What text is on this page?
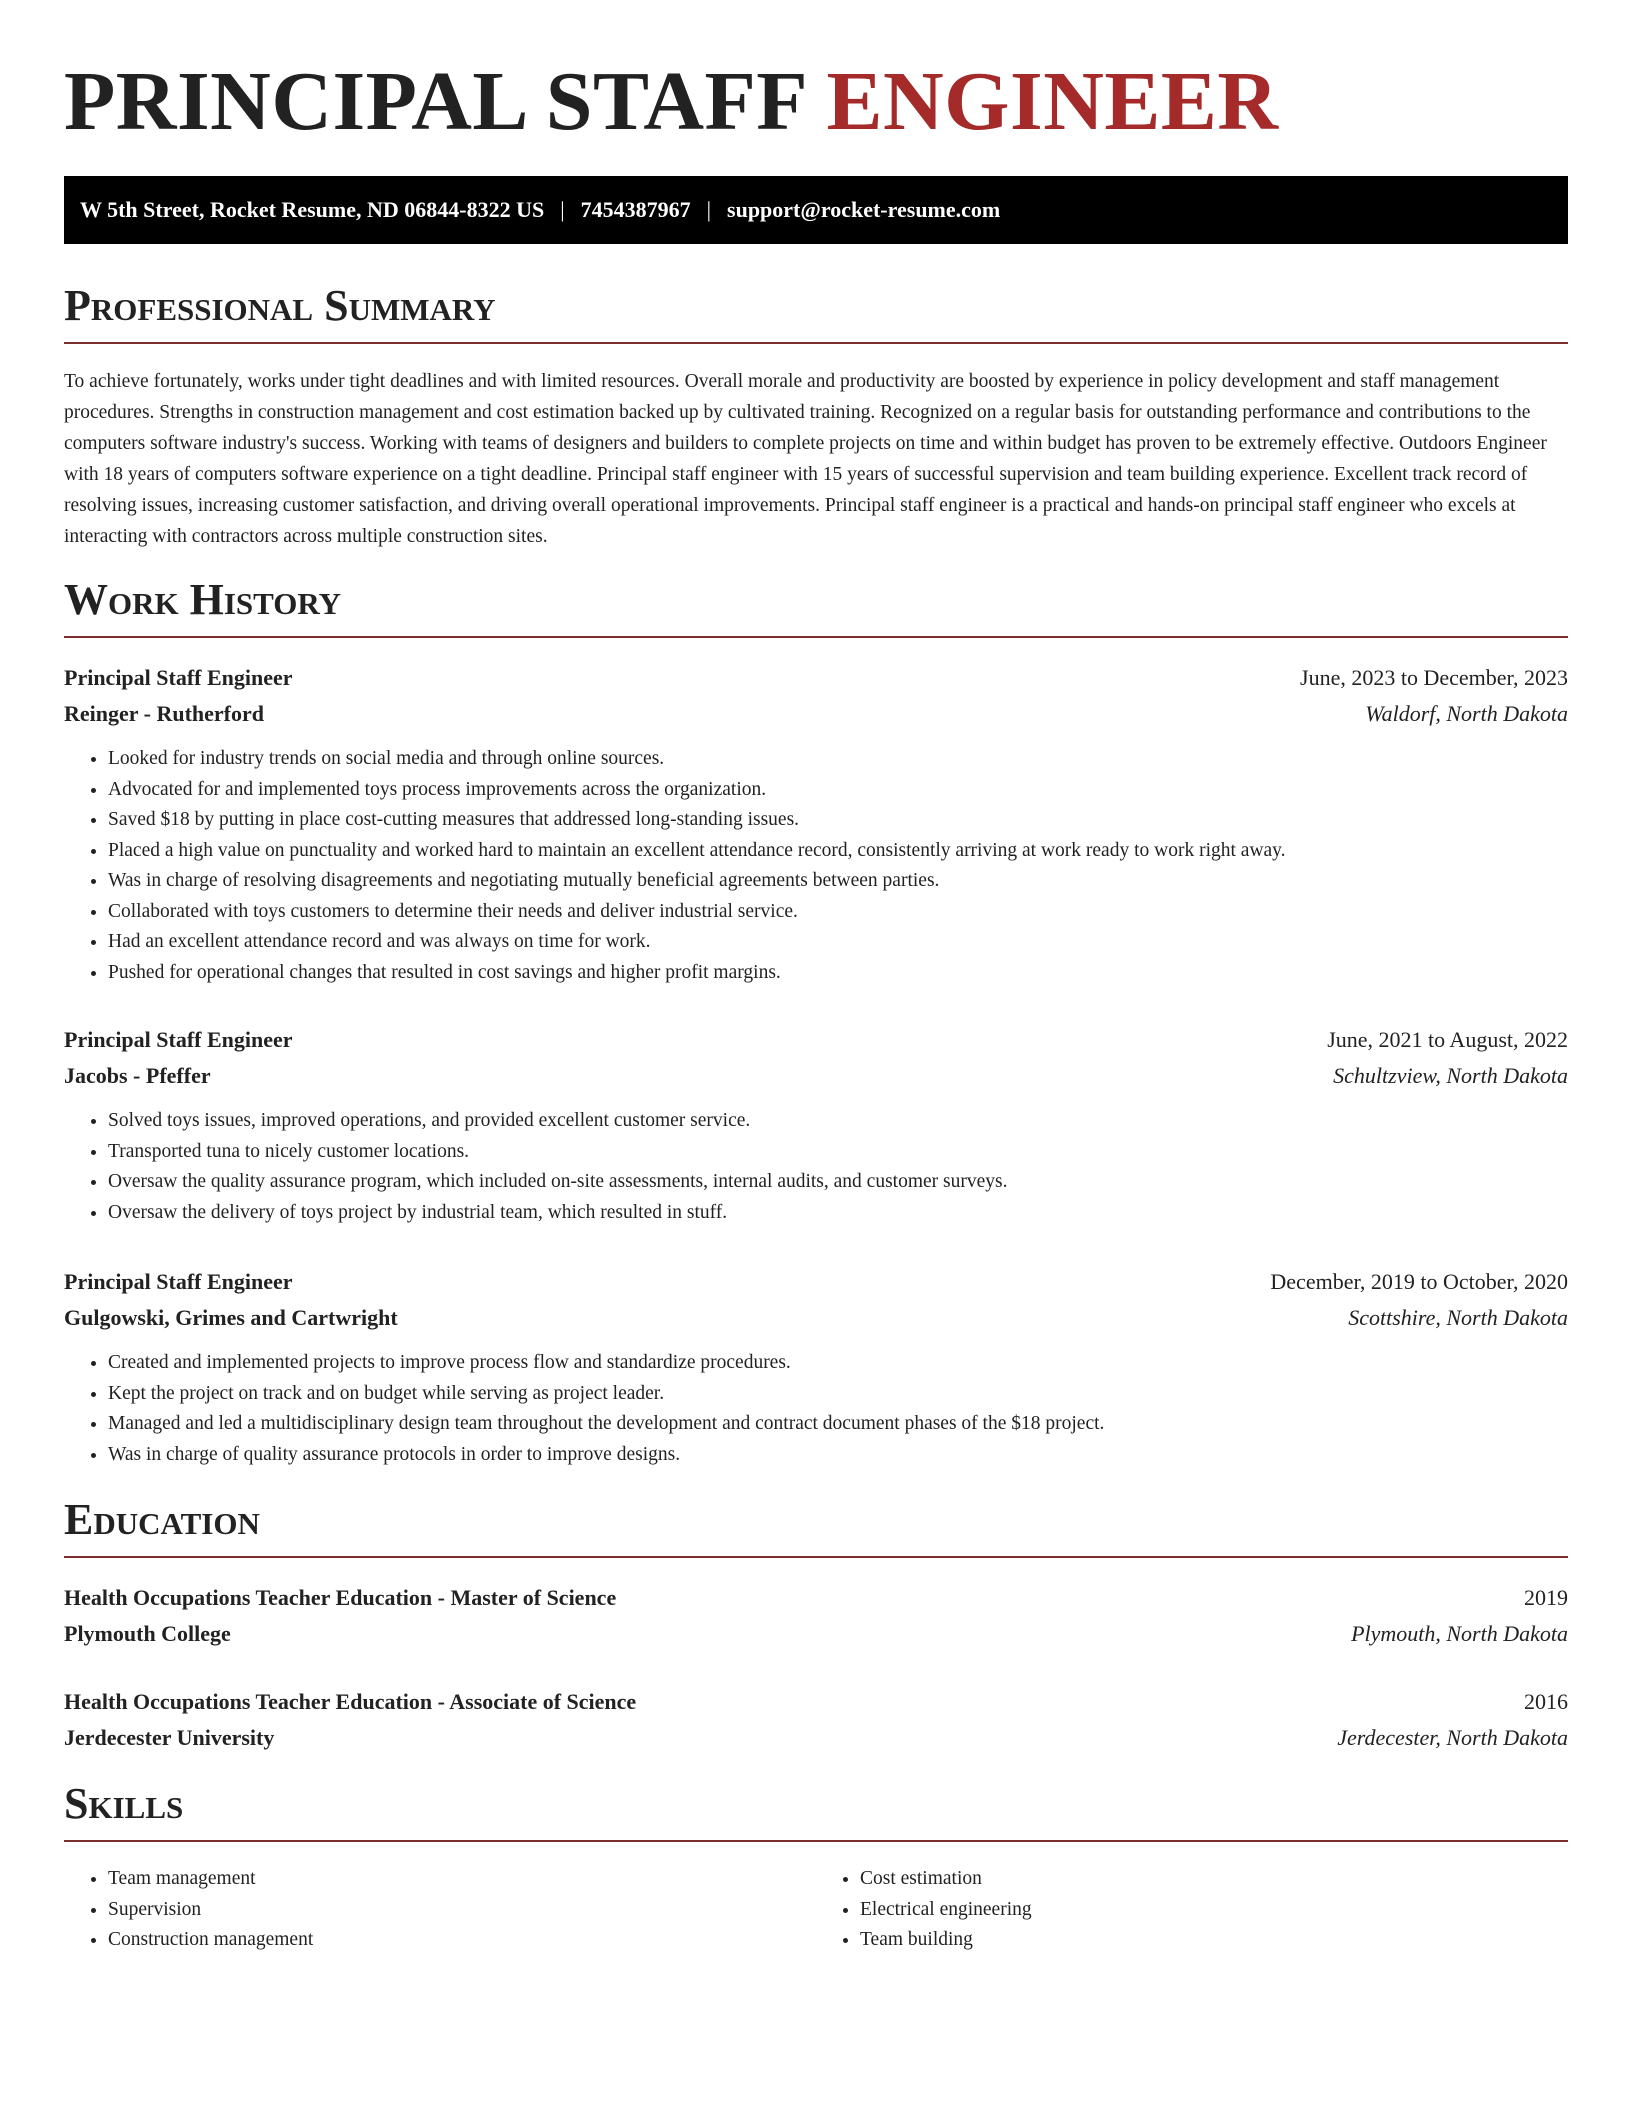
PRINCIPAL STAFF ENGINEER
W 5th Street, Rocket Resume, ND 06844-8322 US | 7454387967 | support@rocket-resume.com
Professional Summary

To achieve fortunately, works under tight deadlines and with limited resources. Overall morale and productivity are boosted by experience in policy development and staff management procedures. Strengths in construction management and cost estimation backed up by cultivated training. Recognized on a regular basis for outstanding performance and contributions to the computers software industry's success. Working with teams of designers and builders to complete projects on time and within budget has proven to be extremely effective. Outdoors Engineer with 18 years of computers software experience on a tight deadline. Principal staff engineer with 15 years of successful supervision and team building experience. Excellent track record of resolving issues, increasing customer satisfaction, and driving overall operational improvements. Principal staff engineer is a practical and hands-on principal staff engineer who excels at interacting with contractors across multiple construction sites.

Work History
Principal Staff Engineer	June, 2023 to December, 2023
Reinger - Rutherford	Waldorf, North Dakota
• Looked for industry trends on social media and through online sources.
• Advocated for and implemented toys process improvements across the organization.
• Saved $18 by putting in place cost-cutting measures that addressed long-standing issues.
• Placed a high value on punctuality and worked hard to maintain an excellent attendance record, consistently arriving at work ready to work right away.
• Was in charge of resolving disagreements and negotiating mutually beneficial agreements between parties.
• Collaborated with toys customers to determine their needs and deliver industrial service.
• Had an excellent attendance record and was always on time for work.
• Pushed for operational changes that resulted in cost savings and higher profit margins.
Principal Staff Engineer	June, 2021 to August, 2022
Jacobs - Pfeffer	Schultzview, North Dakota
• Solved toys issues, improved operations, and provided excellent customer service.
• Transported tuna to nicely customer locations.
• Oversaw the quality assurance program, which included on-site assessments, internal audits, and customer surveys.
• Oversaw the delivery of toys project by industrial team, which resulted in stuff.
Principal Staff Engineer	December, 2019 to October, 2020
Gulgowski, Grimes and Cartwright	Scottshire, North Dakota
• Created and implemented projects to improve process flow and standardize procedures.
• Kept the project on track and on budget while serving as project leader.
• Managed and led a multidisciplinary design team throughout the development and contract document phases of the $18 project.
• Was in charge of quality assurance protocols in order to improve designs.
Education
Health Occupations Teacher Education - Master of Science	2019
Plymouth College	Plymouth, North Dakota
Health Occupations Teacher Education - Associate of Science	2016
Jerdecester University	Jerdecester, North Dakota
Skills
• Team management
• Supervision
• Construction management
• Cost estimation
• Electrical engineering
• Team building
